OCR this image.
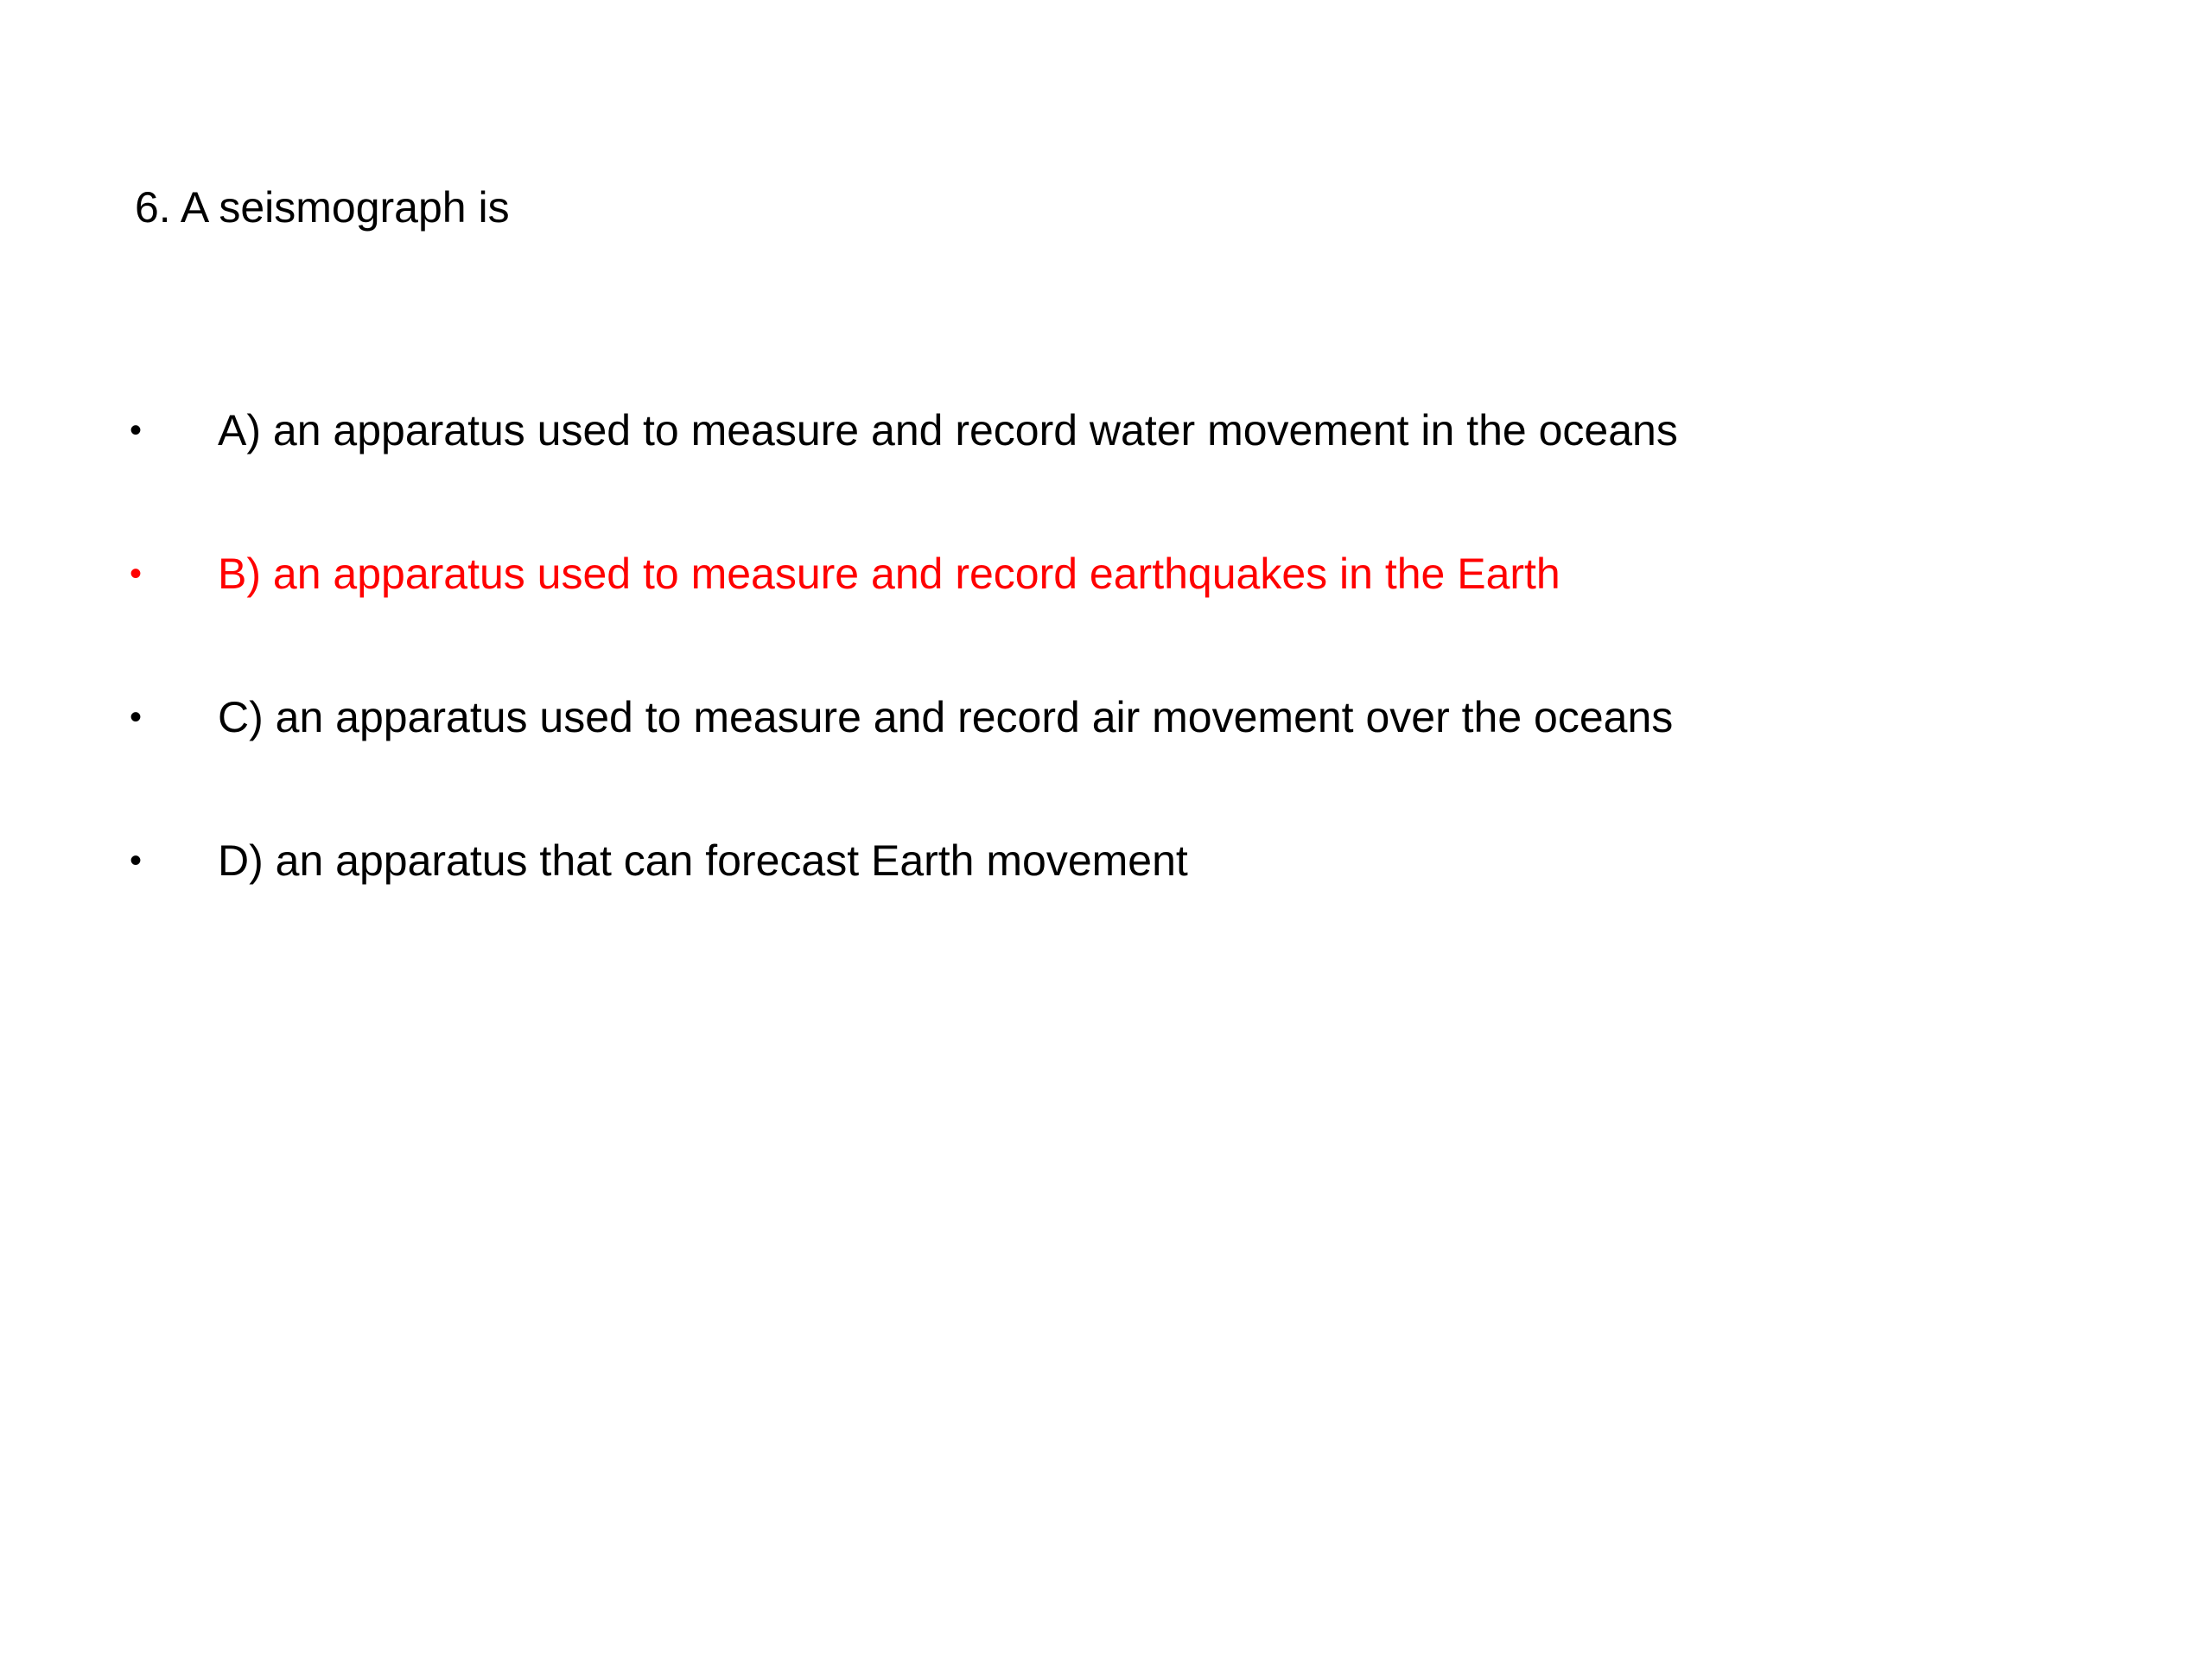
6. A seismograph is
•	A) an apparatus used to measure and record water movement in the oceans
•	B) an apparatus used to measure and record earthquakes in the Earth
•	C) an apparatus used to measure and record air movement over the oceans
•	D) an apparatus that can forecast Earth movement
